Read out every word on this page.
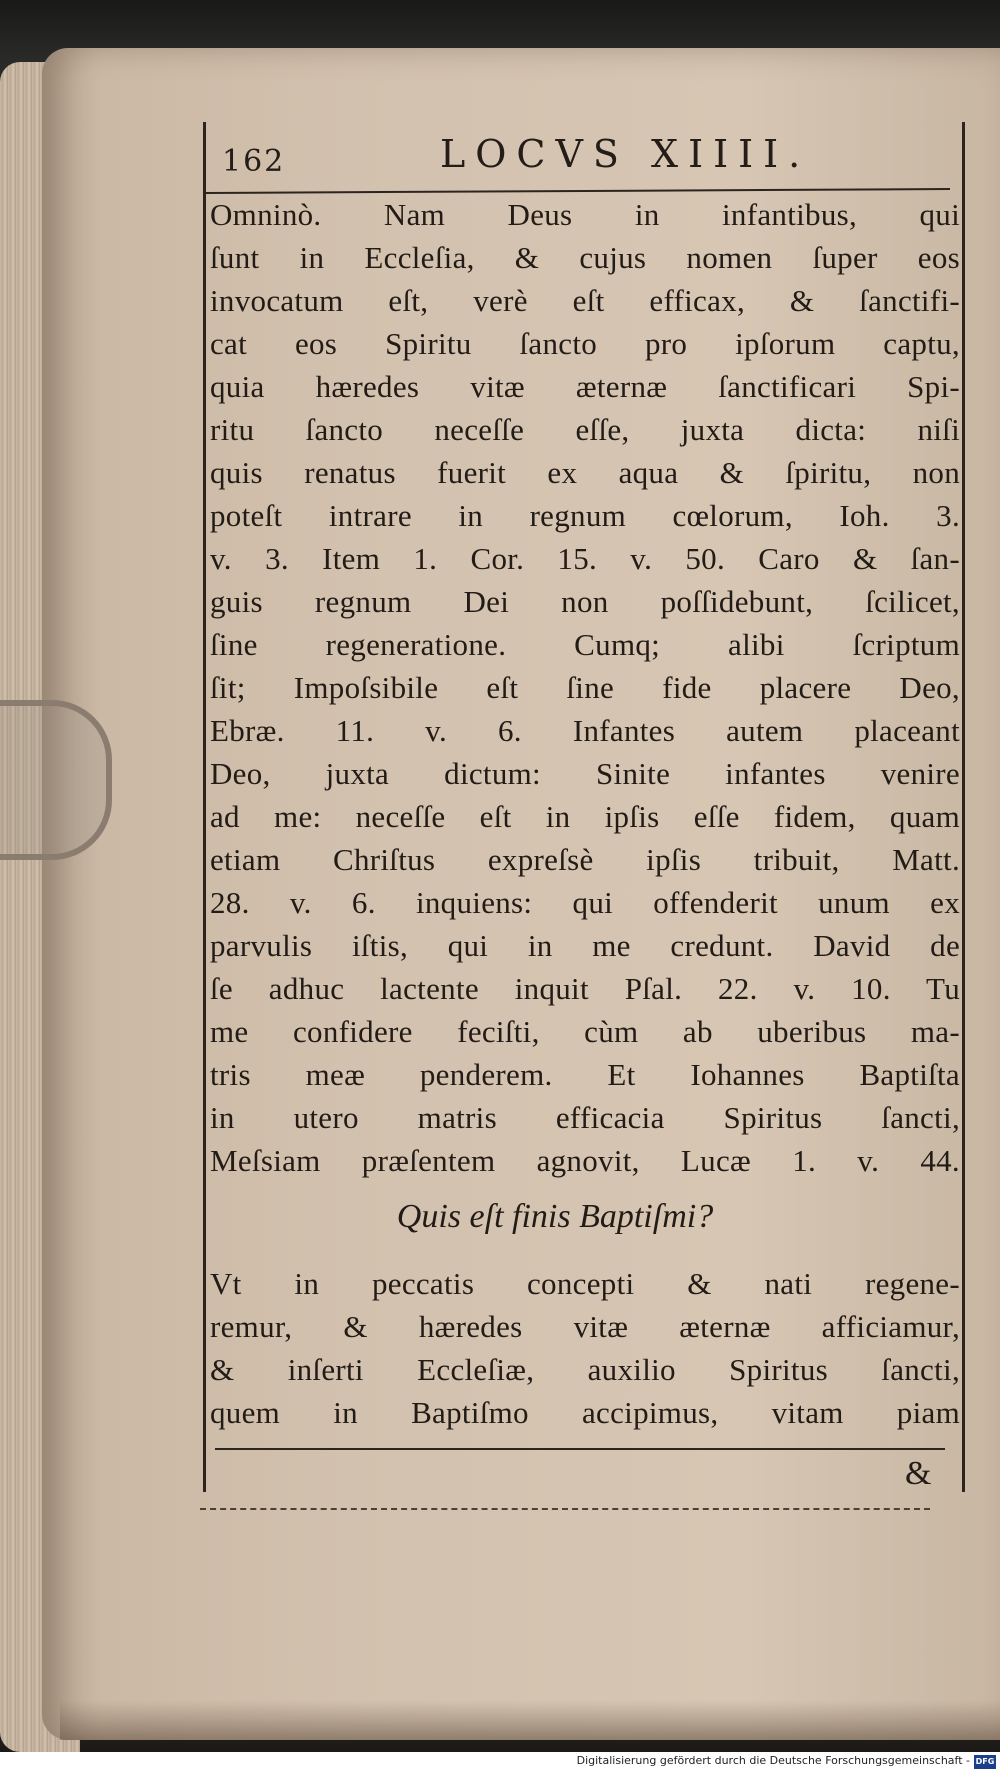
162	LOCVS XIIII.
Omninò. Nam Deus in infantibus, qui
ſunt in Eccleſia, & cujus nomen ſuper eos
invocatum eſt, verè eſt efficax, & ſanctifi-
cat eos Spiritu ſancto pro ipſorum captu,
quia hæredes vitæ æternæ ſanctificari Spi-
ritu ſancto neceſſe eſſe, juxta dicta: niſi
quis renatus fuerit ex aqua & ſpiritu, non
poteſt intrare in regnum cœlorum, Ioh. 3.
v. 3. Item 1. Cor. 15. v. 50. Caro & ſan-
guis regnum Dei non poſſidebunt, ſcilicet,
ſine regeneratione. Cumq; alibi ſcriptum
ſit; Impoſsibile eſt ſine fide placere Deo,
Ebræ. 11. v. 6. Infantes autem placeant
Deo, juxta dictum: Sinite infantes venire
ad me: neceſſe eſt in ipſis eſſe fidem, quam
etiam Chriſtus expreſsè ipſis tribuit, Matt.
28. v. 6. inquiens: qui offenderit unum ex
parvulis iſtis, qui in me credunt. David de
ſe adhuc lactente inquit Pſal. 22. v. 10. Tu
me confidere feciſti, cùm ab uberibus ma-
tris meæ penderem. Et Iohannes Baptiſta
in utero matris efficacia Spiritus ſancti,
Meſsiam præſentem agnovit, Lucæ 1. v. 44.
Quis eſt finis Baptiſmi?
Vt in peccatis concepti & nati regene-
remur, & hæredes vitæ æternæ afficiamur,
& inſerti Eccleſiæ, auxilio Spiritus ſancti,
quem in Baptiſmo accipimus, vitam piam
&
Digitalisierung gefördert durch die Deutsche Forschungsgemeinschaft - DFG
